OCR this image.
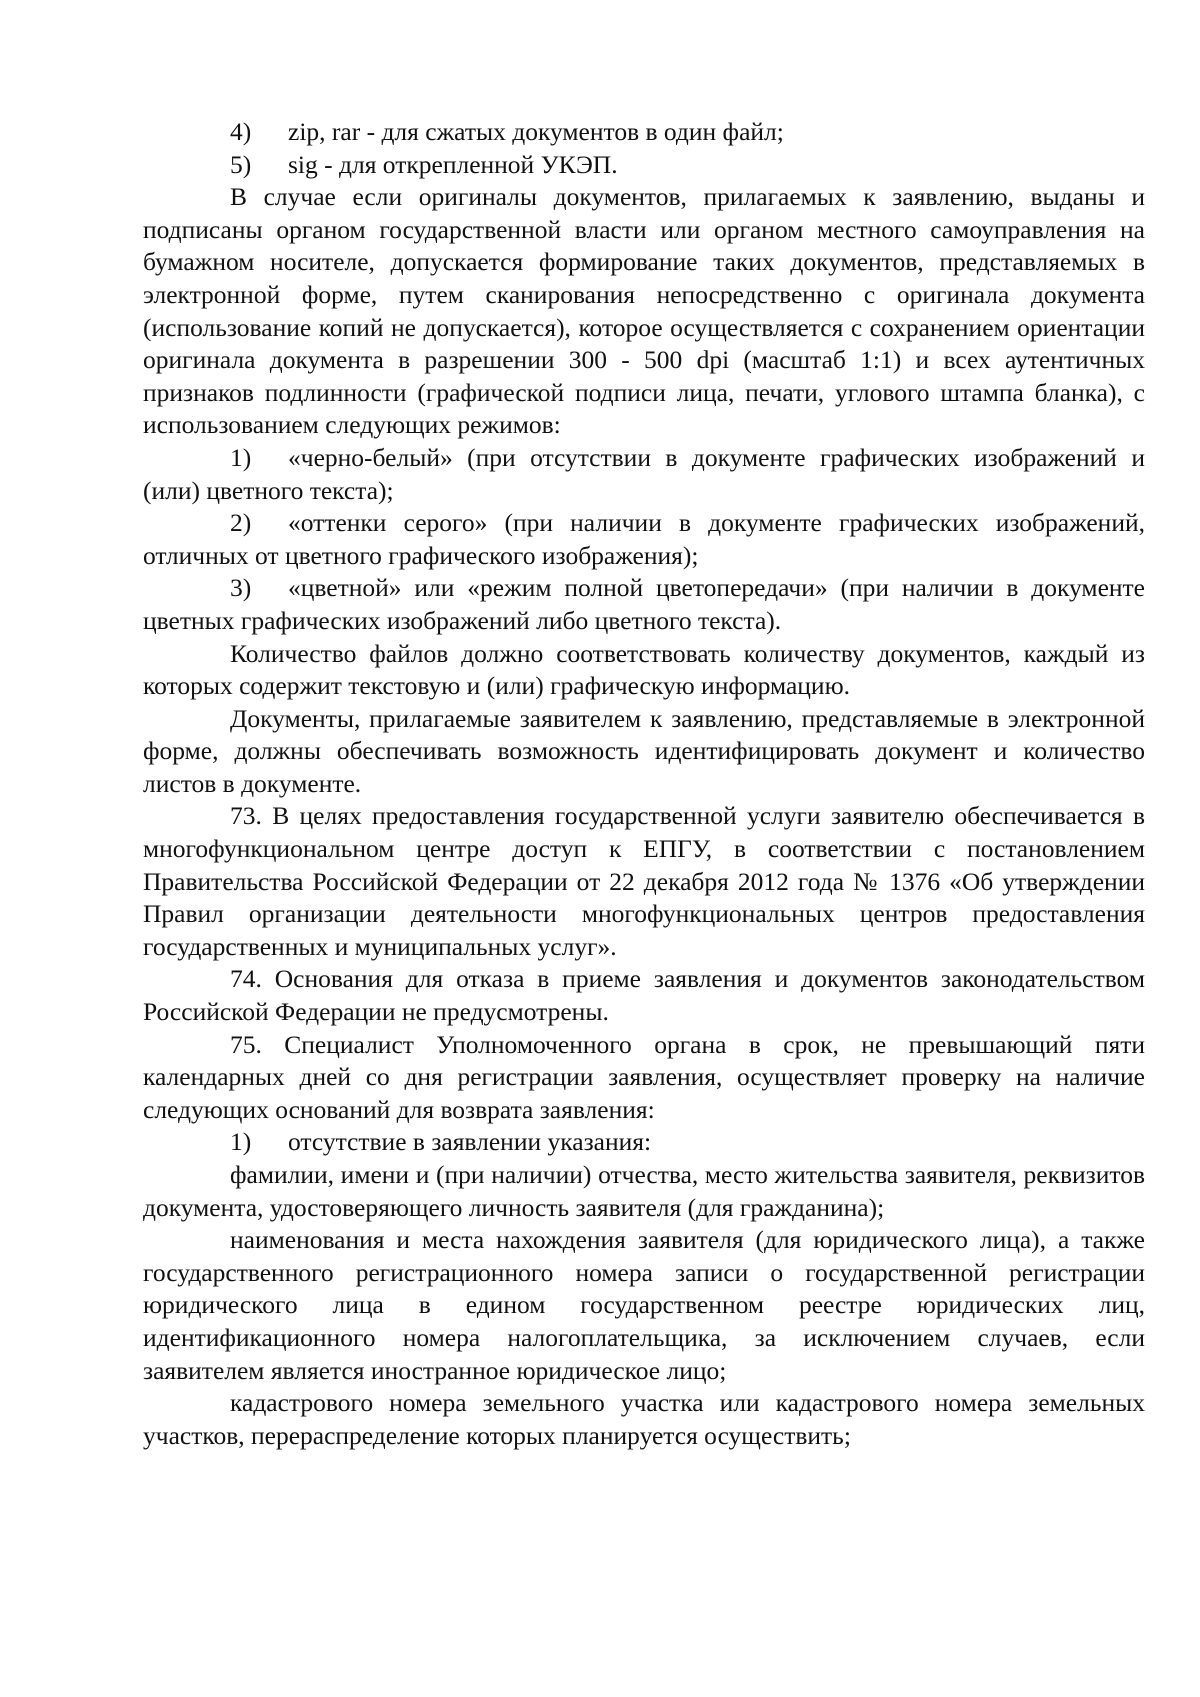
4) zip, rar - для сжатых документов в один файл;

5) sig - для открепленной УКЭП.

В случае если оригиналы документов, прилагаемых к заявлению, выданы и подписаны органом государственной власти или органом местного самоуправления на бумажном носителе, допускается формирование таких документов, представляемых в электронной форме, путем сканирования непосредственно с оригинала документа (использование копий не допускается), которое осуществляется с сохранением ориентации оригинала документа в разрешении 300 - 500 dpi (масштаб 1:1) и всех аутентичных признаков подлинности (графической подписи лица, печати, углового штампа бланка), с использованием следующих режимов:

1) «черно-белый» (при отсутствии в документе графических изображений и (или) цветного текста);

2) «оттенки серого» (при наличии в документе графических изображений, отличных от цветного графического изображения);

3) «цветной» или «режим полной цветопередачи» (при наличии в документе цветных графических изображений либо цветного текста).

Количество файлов должно соответствовать количеству документов, каждый из которых содержит текстовую и (или) графическую информацию.

Документы, прилагаемые заявителем к заявлению, представляемые в электронной форме, должны обеспечивать возможность идентифицировать документ и количество листов в документе.

73. В целях предоставления государственной услуги заявителю обеспечивается в многофункциональном центре доступ к ЕПГУ, в соответствии с постановлением Правительства Российской Федерации от 22 декабря 2012 года № 1376 «Об утверждении Правил организации деятельности многофункциональных центров предоставления государственных и муниципальных услуг».

74. Основания для отказа в приеме заявления и документов законодательством Российской Федерации не предусмотрены.

75. Специалист Уполномоченного органа в срок, не превышающий пяти календарных дней со дня регистрации заявления, осуществляет проверку на наличие следующих оснований для возврата заявления:

1) отсутствие в заявлении указания:

фамилии, имени и (при наличии) отчества, место жительства заявителя, реквизитов документа, удостоверяющего личность заявителя (для гражданина);

наименования и места нахождения заявителя (для юридического лица), а также государственного регистрационного номера записи о государственной регистрации юридического лица в едином государственном реестре юридических лиц, идентификационного номера налогоплательщика, за исключением случаев, если заявителем является иностранное юридическое лицо;

кадастрового номера земельного участка или кадастрового номера земельных участков, перераспределение которых планируется осуществить;
